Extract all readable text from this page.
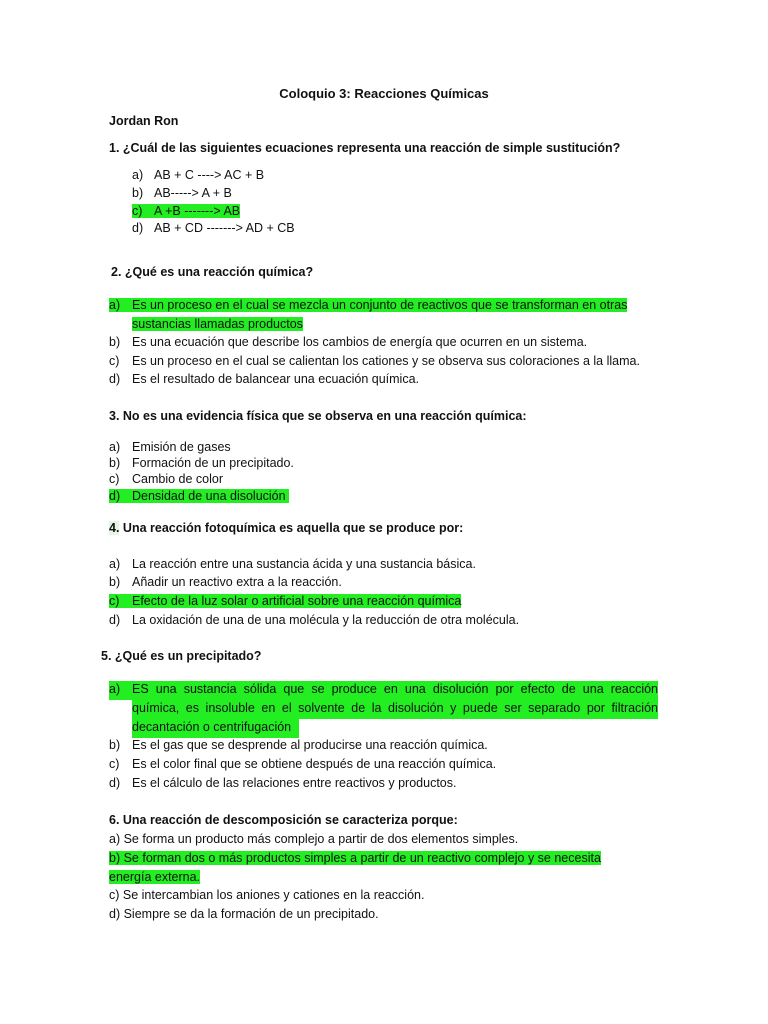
Coloquio 3: Reacciones Químicas
Jordan Ron
1. ¿Cuál de las siguientes ecuaciones representa una reacción de simple sustitución?
a) AB + C ----> AC + B
b) AB-----> A + B
c) A +B -------> AB
d) AB + CD -------> AD + CB
2. ¿Qué es una reacción química?
a) Es un proceso en el cual se mezcla un conjunto de reactivos que se transforman en otras
sustancias llamadas productos
b) Es una ecuación que describe los cambios de energía que ocurren en un sistema.
c) Es un proceso en el cual se calientan los cationes y se observa sus coloraciones a la llama.
d) Es el resultado de balancear una ecuación química.
3. No es una evidencia física que se observa en una reacción química:
a) Emisión de gases
b) Formación de un precipitado.
c) Cambio de color
d) Densidad de una disolución
4. Una reacción fotoquímica es aquella que se produce por:
a) La reacción entre una sustancia ácida y una sustancia básica.
b) Añadir un reactivo extra a la reacción.
c) Efecto de la luz solar o artificial sobre una reacción química
d) La oxidación de una de una molécula y la reducción de otra molécula.
5. ¿Qué es un precipitado?
a) ES una sustancia sólida que se produce en una disolución por efecto de una reacción
química, es insoluble en el solvente de la disolución y puede ser separado por filtración
decantación o centrifugación
b) Es el gas que se desprende al producirse una reacción química.
c) Es el color final que se obtiene después de una reacción química.
d) Es el cálculo de las relaciones entre reactivos y productos.
6. Una reacción de descomposición se caracteriza porque:
a) Se forma un producto más complejo a partir de dos elementos simples.
b) Se forman dos o más productos simples a partir de un reactivo complejo y se necesita
energía externa.
c) Se intercambian los aniones y cationes en la reacción.
d) Siempre se da la formación de un precipitado.
